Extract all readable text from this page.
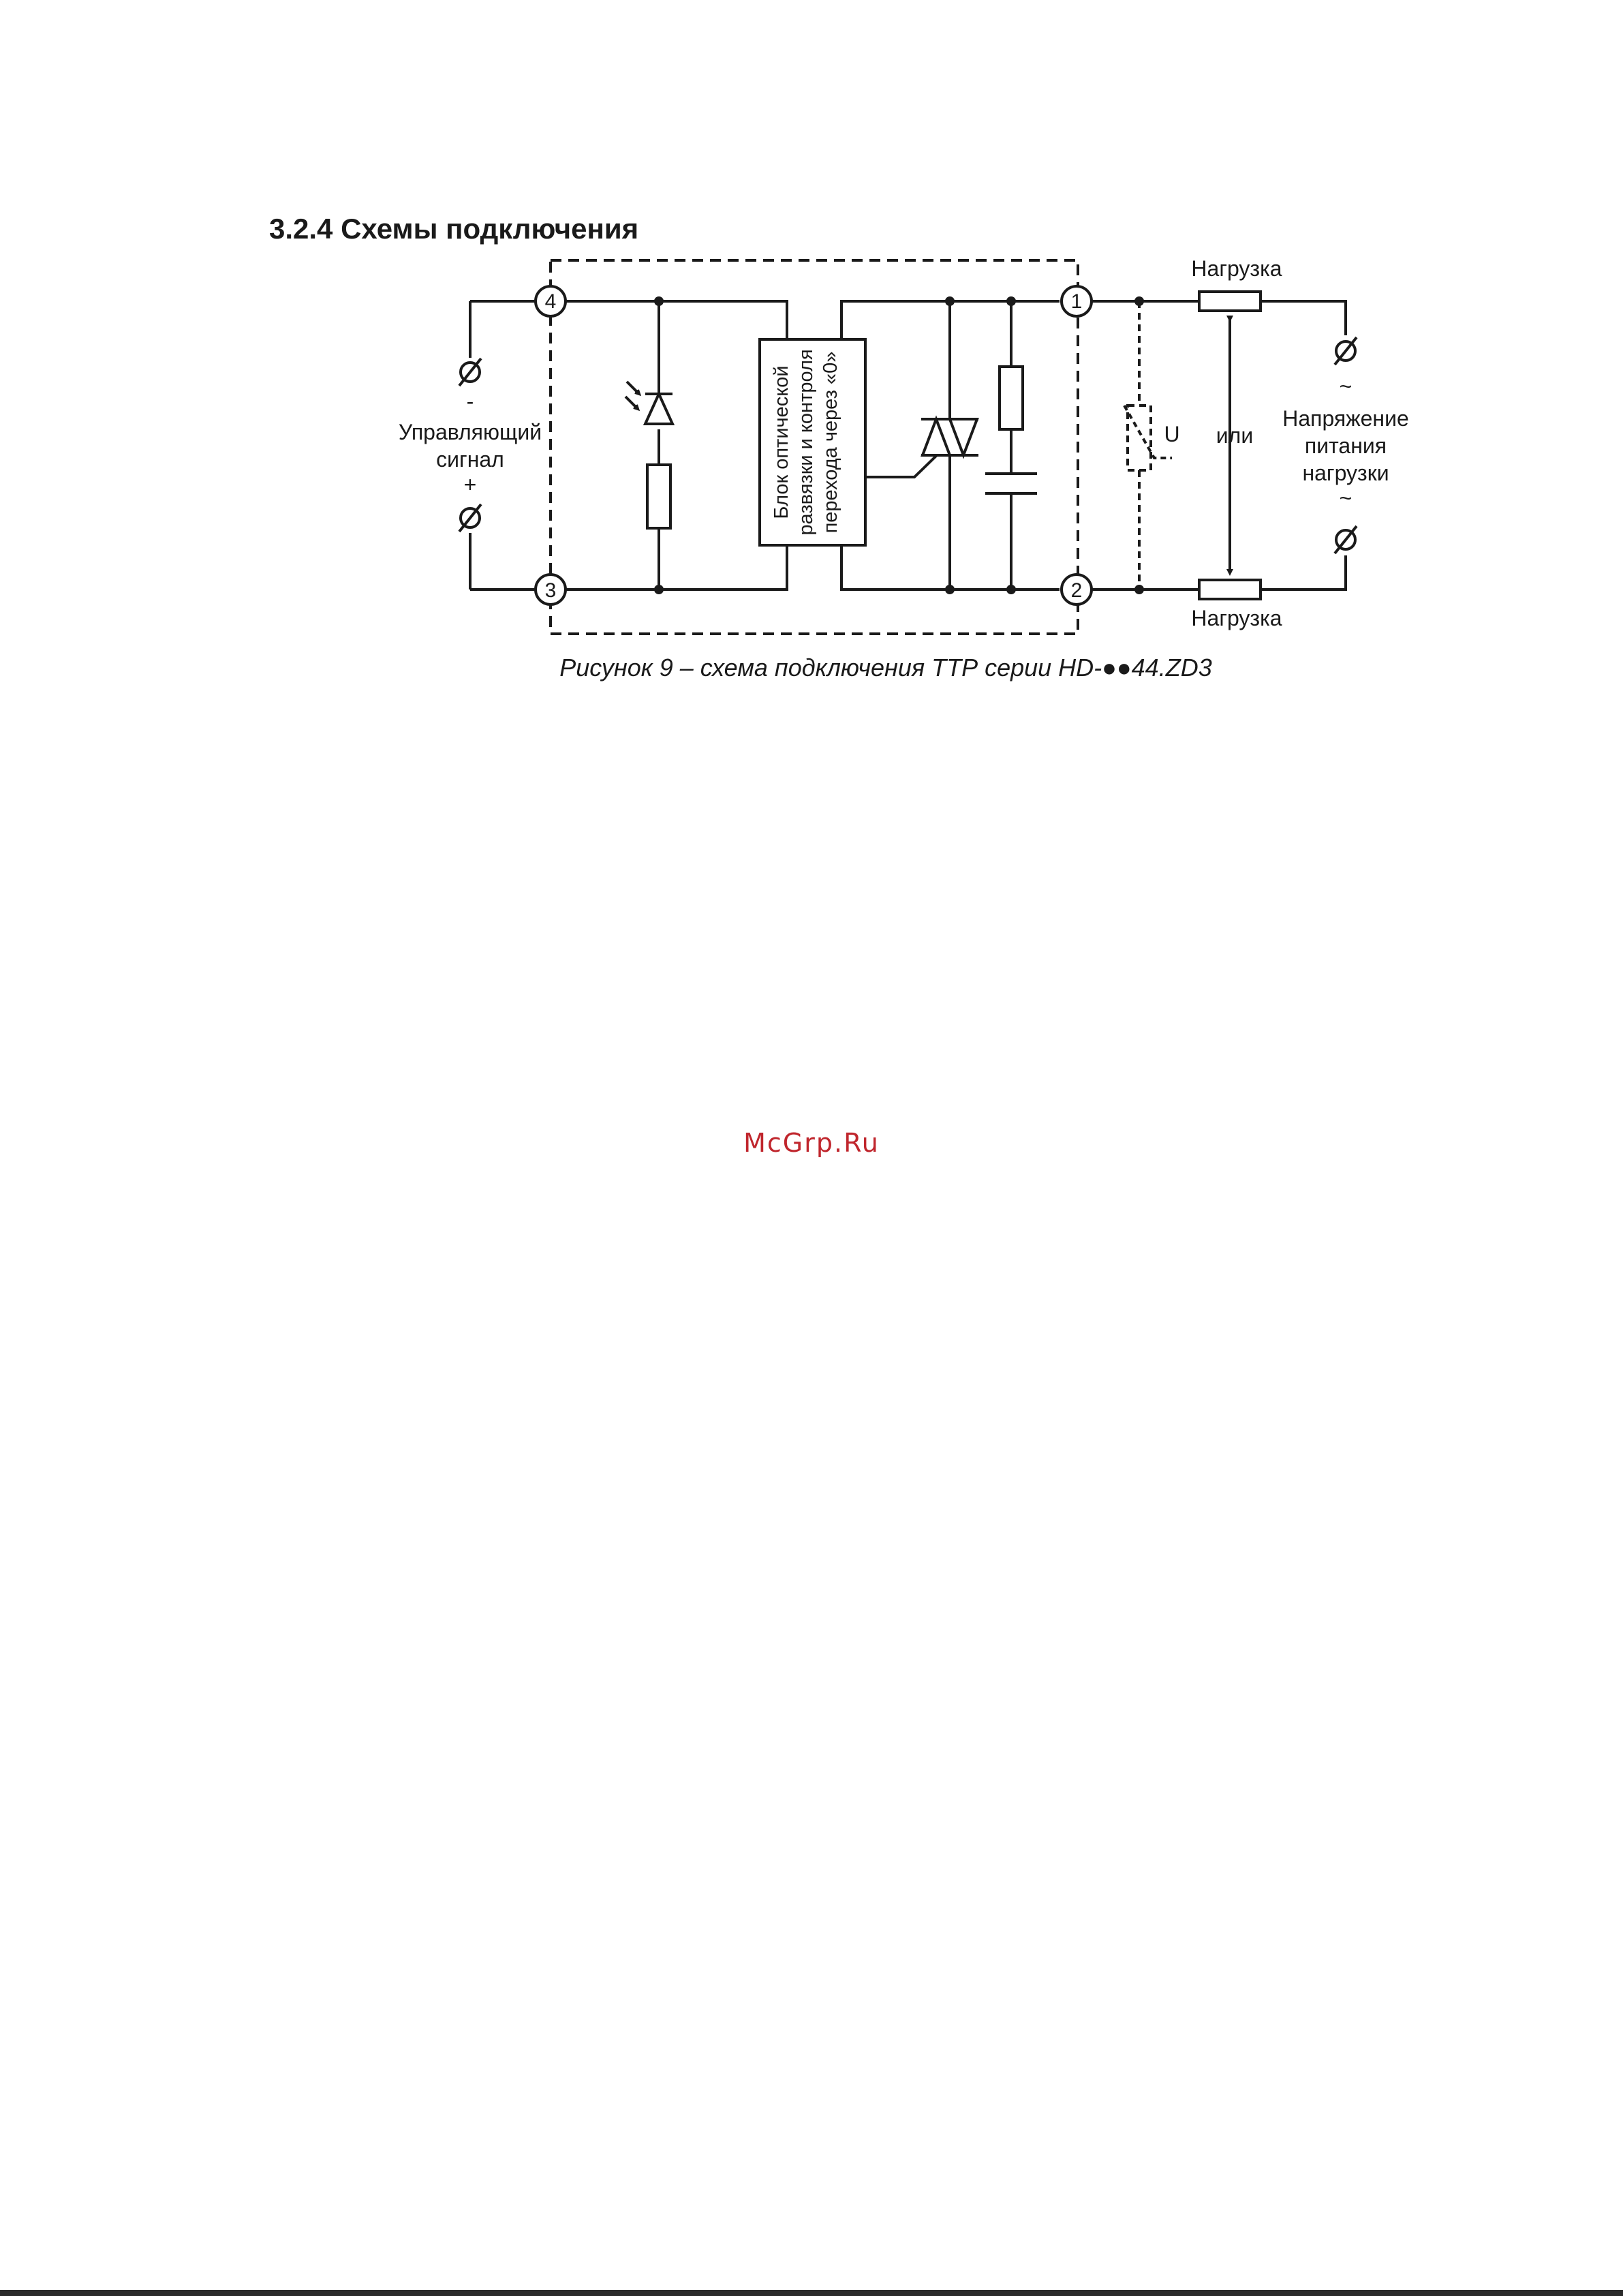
3.2.4 Схемы подключения
4
3
1
2
-
Управляющий
сигнал
+	Блок оптической развязки и контроля перехода через «0»	U
Нагрузка
Нагрузка
или
~
Напряжение
питания
нагрузки
~
Рисунок 9 – схема подключения ТТР серии HD-●●44.ZD3
McGrp.Ru
